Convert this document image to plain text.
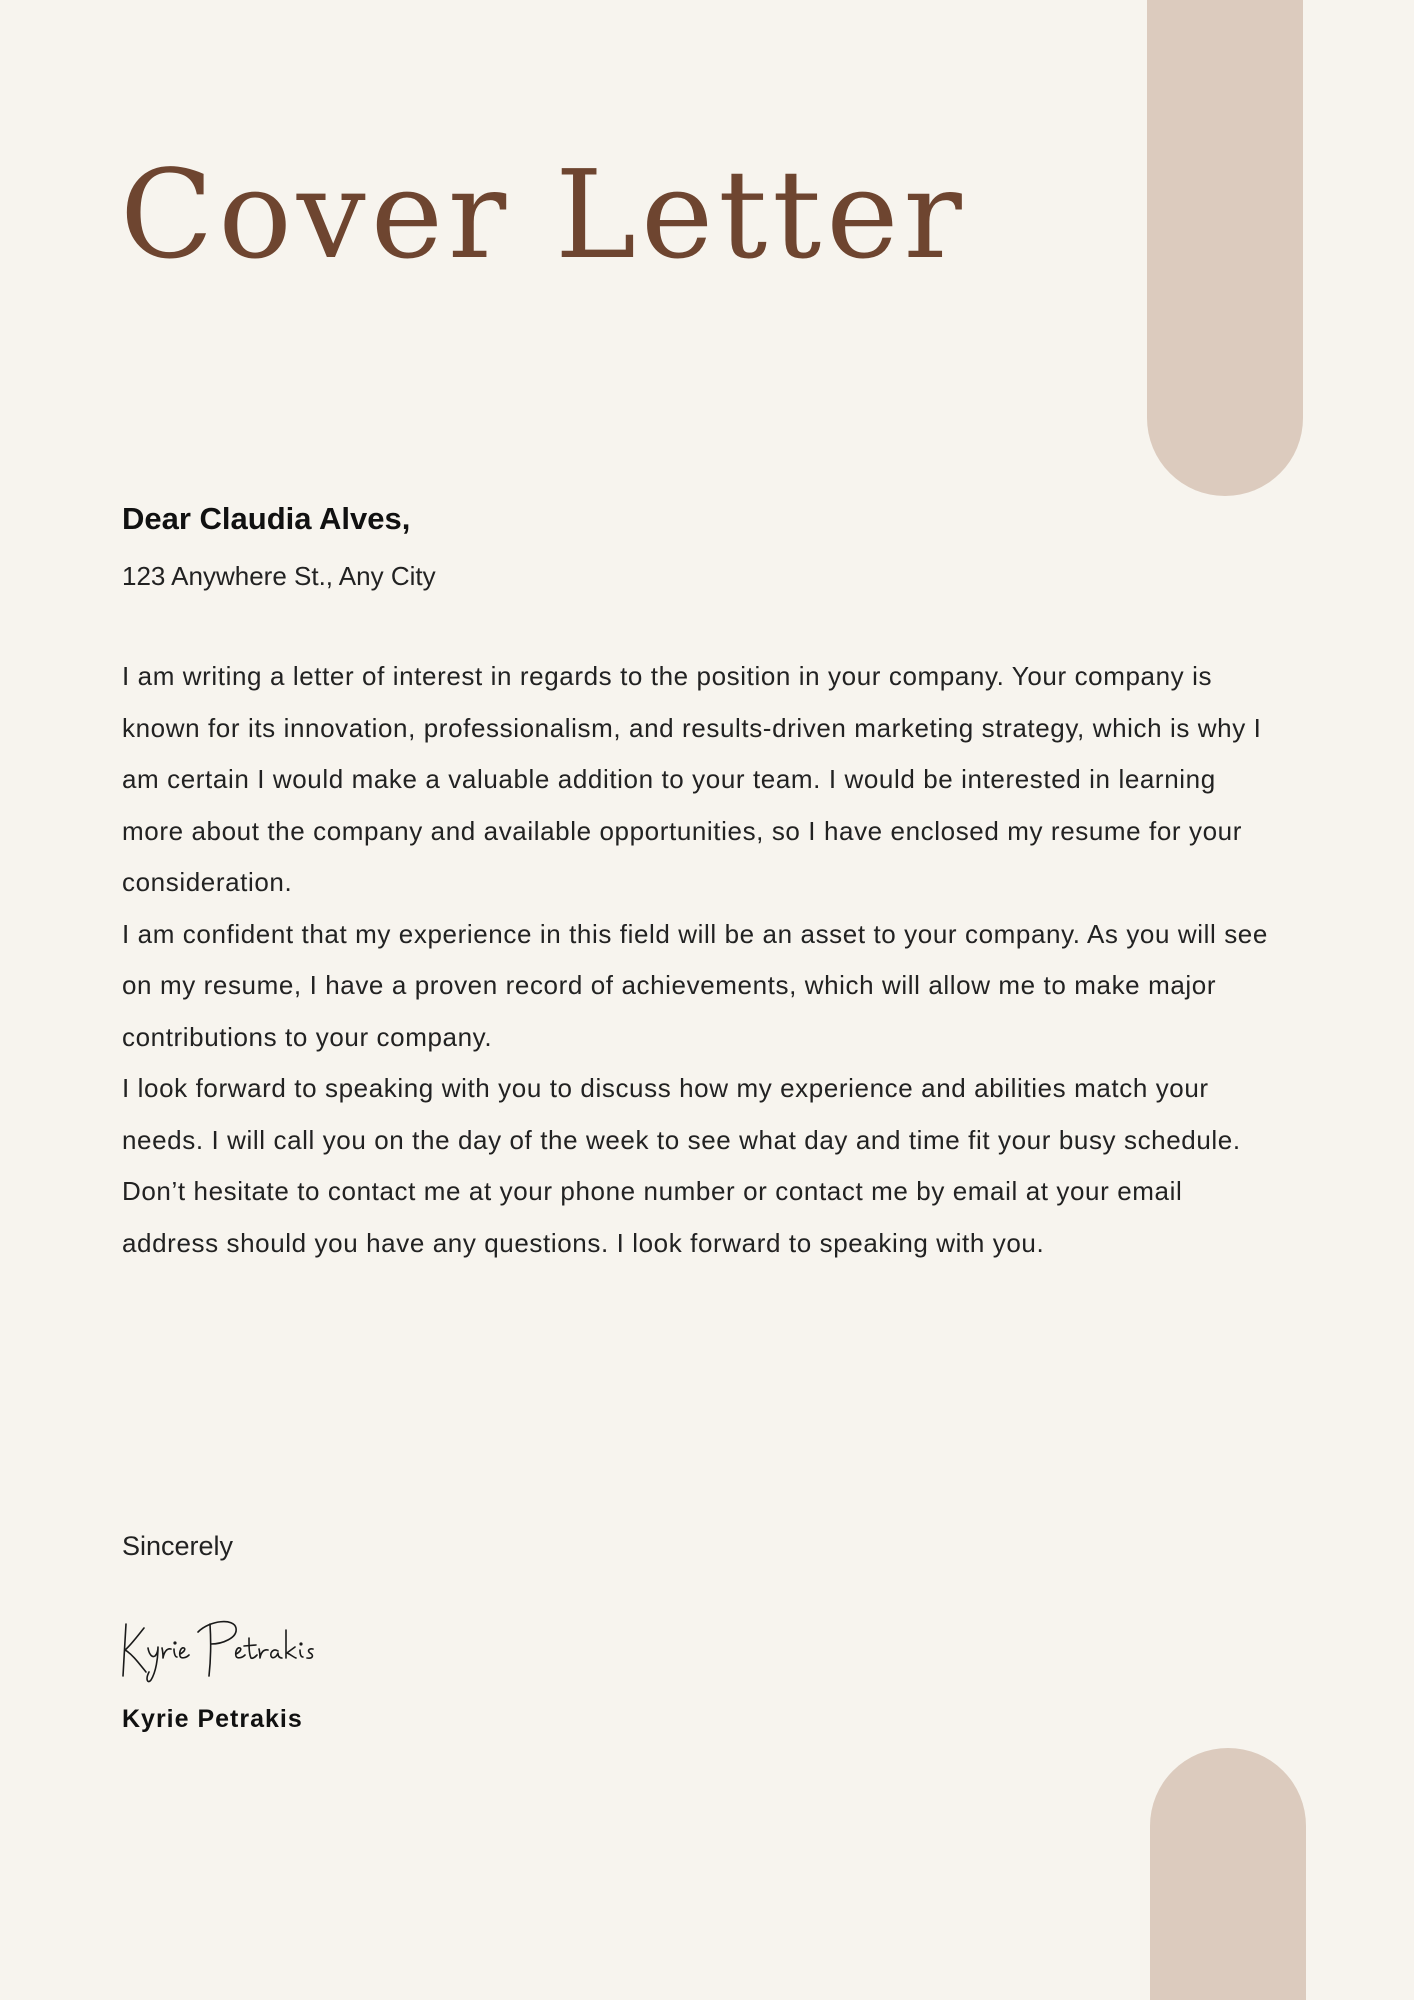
Cover Letter
Dear Claudia Alves,

123 Anywhere St., Any City

I am writing a letter of interest in regards to the position in your company. Your company is known for its innovation, professionalism, and results-driven marketing strategy, which is why I am certain I would make a valuable addition to your team. I would be interested in learning more about the company and available opportunities, so I have enclosed my resume for your consideration.

I am confident that my experience in this field will be an asset to your company. As you will see on my resume, I have a proven record of achievements, which will allow me to make major contributions to your company.

I look forward to speaking with you to discuss how my experience and abilities match your needs. I will call you on the day of the week to see what day and time fit your busy schedule. Don’t hesitate to contact me at your phone number or contact me by email at your email address should you have any questions. I look forward to speaking with you.

Sincerely

Kyrie Petrakis
